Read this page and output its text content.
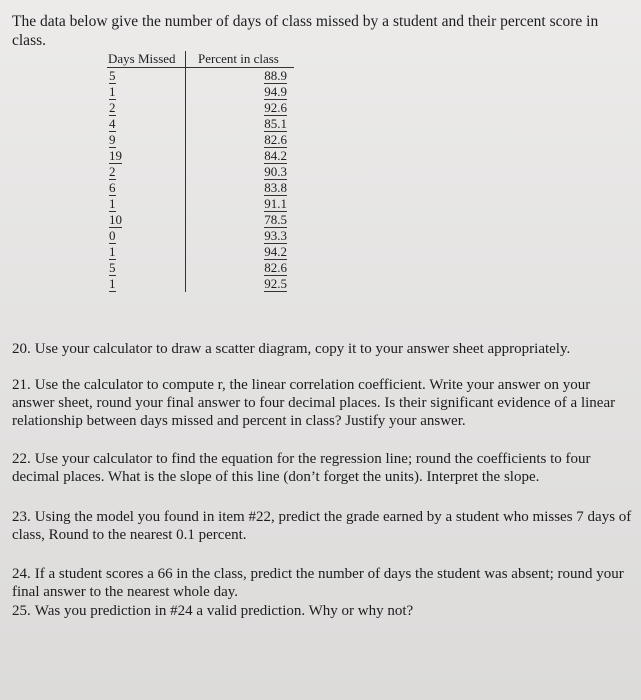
The data below give the number of days of class missed by a student and their percent score in class.
Days Missed	Percent in class
5	88.9
1	94.9
2	92.6
4	85.1
9	82.6
19	84.2
2	90.3
6	83.8
1	91.1
10	78.5
0	93.3
1	94.2
5	82.6
1	92.5
20. Use your calculator to draw a scatter diagram, copy it to your answer sheet appropriately.
21. Use the calculator to compute r, the linear correlation coefficient. Write your answer on your answer sheet, round your final answer to four decimal places. Is their significant evidence of a linear relationship between days missed and percent in class? Justify your answer.
22. Use your calculator to find the equation for the regression line; round the coefficients to four decimal places. What is the slope of this line (don’t forget the units). Interpret the slope.
23. Using the model you found in item #22, predict the grade earned by a student who misses 7 days of class, Round to the nearest 0.1 percent.
24. If a student scores a 66 in the class, predict the number of days the student was absent; round your final answer to the nearest whole day.
25. Was you prediction in #24 a valid prediction. Why or why not?
